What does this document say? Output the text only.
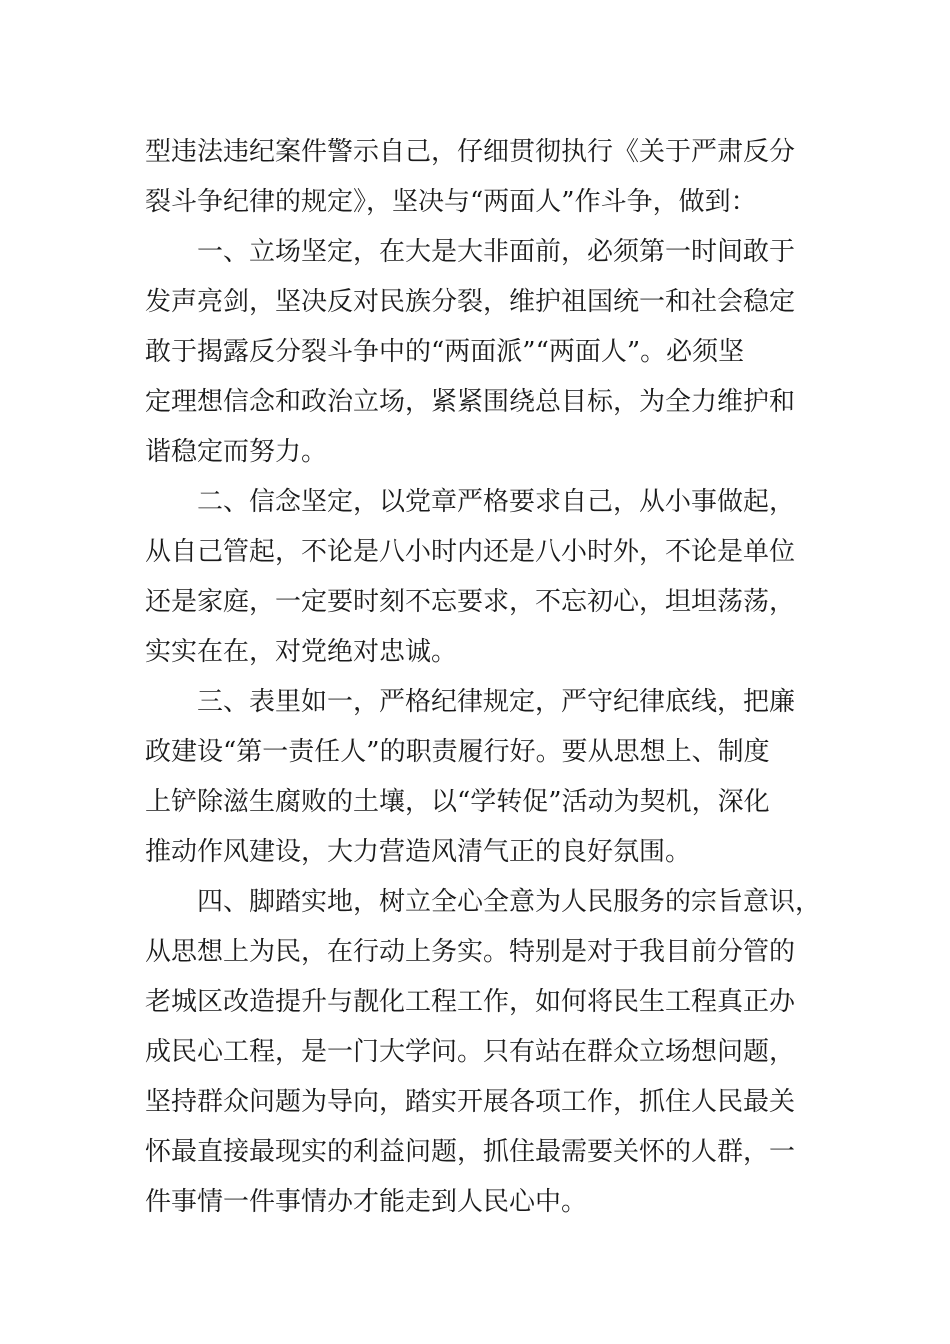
型违法违纪案件警示自己，仔细贯彻执行《关于严肃反分

裂斗争纪律的规定》，坚决与“两面人”作斗争，做到：

　　一、立场坚定，在大是大非面前，必须第一时间敢于

发声亮剑，坚决反对民族分裂，维护祖国统一和社会稳定

敢于揭露反分裂斗争中的“两面派”“两面人”。必须坚

定理想信念和政治立场，紧紧围绕总目标，为全力维护和

谐稳定而努力。

　　二、信念坚定，以党章严格要求自己，从小事做起，

从自己管起，不论是八小时内还是八小时外，不论是单位

还是家庭，一定要时刻不忘要求，不忘初心，坦坦荡荡，

实实在在，对党绝对忠诚。

　　三、表里如一，严格纪律规定，严守纪律底线，把廉

政建设“第一责任人”的职责履行好。要从思想上、制度

上铲除滋生腐败的土壤，以“学转促”活动为契机，深化

推动作风建设，大力营造风清气正的良好氛围。

　　四、脚踏实地，树立全心全意为人民服务的宗旨意识，

从思想上为民，在行动上务实。特别是对于我目前分管的

老城区改造提升与靓化工程工作，如何将民生工程真正办

成民心工程，是一门大学问。只有站在群众立场想问题，

坚持群众问题为导向，踏实开展各项工作，抓住人民最关

怀最直接最现实的利益问题，抓住最需要关怀的人群，一

件事情一件事情办才能走到人民心中。
